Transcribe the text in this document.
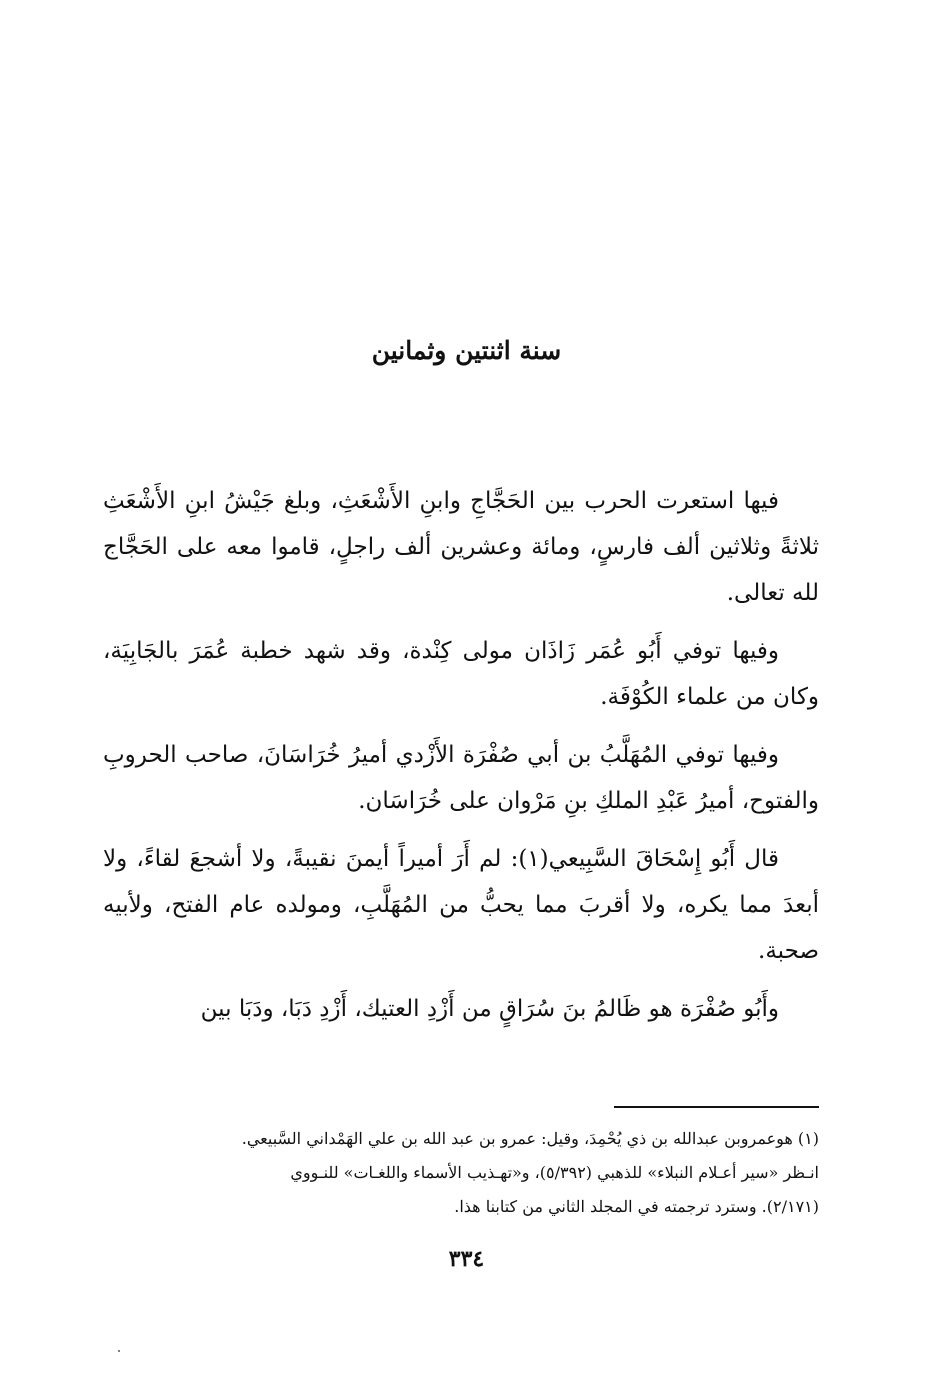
سنة اثنتين وثمانين

فيها استعرت الحرب بين الحَجَّاجِ وابنِ الأَشْعَثِ، وبلغ جَيْشُ ابنِ الأَشْعَثِ ثلاثةً وثلاثين ألف فارسٍ، ومائة وعشرين ألف راجلٍ، قاموا معه على الحَجَّاج لله تعالى.

وفيها توفي أَبُو عُمَر زَاذَان مولى كِنْدة، وقد شهد خطبة عُمَرَ بالجَابِيَة، وكان من علماء الكُوْفَة.

وفيها توفي المُهَلَّبُ بن أبي صُفْرَة الأَزْدي أميرُ خُرَاسَانَ، صاحب الحروبِ والفتوح، أميرُ عَبْدِ الملكِ بنِ مَرْوان على خُرَاسَان.

قال أَبُو إِسْحَاقَ السَّبِيعي(١): لم أَرَ أميراً أيمنَ نقيبةً، ولا أشجعَ لقاءً، ولا أبعدَ مما يكره، ولا أقربَ مما يحبُّ من المُهَلَّبِ، ومولده عام الفتح، ولأبيه صحبة.

وأَبُو صُفْرَة هو ظَالمُ بنَ سُرَاقٍ من أَزْدِ العتيك، أَزْدِ دَبَا، ودَبَا بين

(١) هوعمروبن عبدالله بن ذي يُحْمِدَ، وقيل: عمرو بن عبد الله بن علي الهَمْداني السَّبيعي.

انـظر «سير أعـلام النبلاء» للذهبي (٥/٣٩٢)، و«تهـذيب الأسماء واللغـات» للنـووي

(٢/١٧١). وسترد ترجمته في المجلد الثاني من كتابنا هذا.

٣٣٤
